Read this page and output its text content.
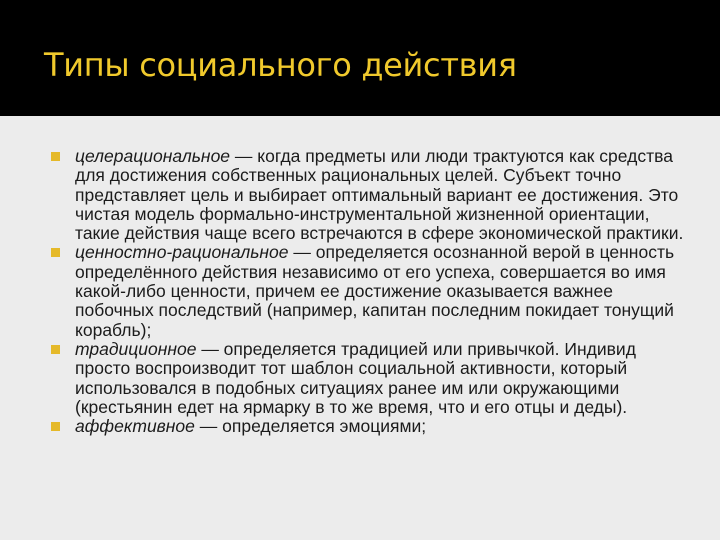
Типы социального действия
целерациональное — когда предметы или люди трактуются как средства для достижения собственных рациональных целей. Субъект точно представляет цель и выбирает оптимальный вариант ее достижения. Это чистая модель формально-инструментальной жизненной ориентации, такие действия чаще всего встречаются в сфере экономической практики.
ценностно-рациональное — определяется осознанной верой в ценность определённого действия независимо от его успеха, совершается во имя какой-либо ценности, причем ее достижение оказывается важнее побочных последствий (например, капитан последним покидает тонущий корабль);
традиционное — определяется традицией или привычкой. Индивид просто воспроизводит тот шаблон социальной активности, который использовался в подобных ситуациях ранее им или окружающими (крестьянин едет на ярмарку в то же время, что и его отцы и деды).
аффективное — определяется эмоциями;
